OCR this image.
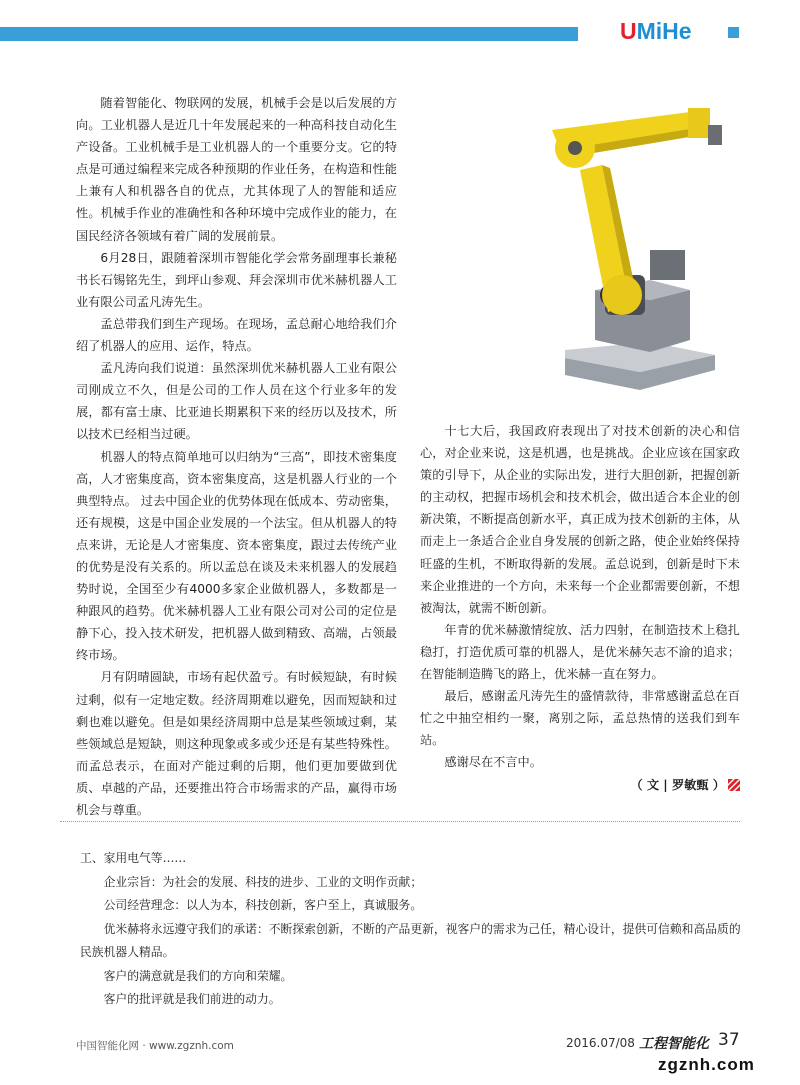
UMiHe

随着智能化、物联网的发展，机械手会是以后发展的方向。工业机器人是近几十年发展起来的一种高科技自动化生产设备。工业机械手是工业机器人的一个重要分支。它的特点是可通过编程来完成各种预期的作业任务，在构造和性能上兼有人和机器各自的优点，尤其体现了人的智能和适应性。机械手作业的准确性和各种环境中完成作业的能力，在国民经济各领域有着广阔的发展前景。

6月28日，跟随着深圳市智能化学会常务副理事长兼秘书长石锡铭先生，到坪山参观、拜会深圳市优米赫机器人工业有限公司孟凡涛先生。

孟总带我们到生产现场。在现场，孟总耐心地给我们介绍了机器人的应用、运作，特点。

孟凡涛向我们说道：虽然深圳优米赫机器人工业有限公司刚成立不久，但是公司的工作人员在这个行业多年的发展，都有富士康、比亚迪长期累积下来的经历以及技术，所以技术已经相当过硬。

机器人的特点简单地可以归纳为“三高”，即技术密集度高，人才密集度高，资本密集度高，这是机器人行业的一个典型特点。 过去中国企业的优势体现在低成本、劳动密集，还有规模，这是中国企业发展的一个法宝。但从机器人的特点来讲，无论是人才密集度、资本密集度，跟过去传统产业的优势是没有关系的。所以孟总在谈及未来机器人的发展趋势时说，全国至少有4000多家企业做机器人，多数都是一种跟风的趋势。优米赫机器人工业有限公司对公司的定位是静下心，投入技术研发，把机器人做到精致、高端，占领最终市场。

月有阴晴圆缺，市场有起伏盈亏。有时候短缺，有时候过剩，似有一定地定数。经济周期难以避免，因而短缺和过剩也难以避免。但是如果经济周期中总是某些领域过剩，某些领域总是短缺，则这种现象或多或少还是有某些特殊性。而孟总表示，在面对产能过剩的后期，他们更加要做到优质、卓越的产品，还要推出符合市场需求的产品，赢得市场机会与尊重。

十七大后，我国政府表现出了对技术创新的决心和信心，对企业来说，这是机遇，也是挑战。企业应该在国家政策的引导下，从企业的实际出发，进行大胆创新，把握创新的主动权，把握市场机会和技术机会，做出适合本企业的创新决策，不断提高创新水平，真正成为技术创新的主体，从而走上一条适合企业自身发展的创新之路，使企业始终保持旺盛的生机，不断取得新的发展。孟总说到，创新是时下未来企业推进的一个方向，未来每一个企业都需要创新，不想被淘汰，就需不断创新。

年青的优米赫激情绽放、活力四射，在制造技术上稳扎稳打，打造优质可靠的机器人，是优米赫矢志不渝的追求；在智能制造腾飞的路上，优米赫一直在努力。

最后，感谢孟凡涛先生的盛情款待，非常感谢孟总在百忙之中抽空相约一聚，离别之际，孟总热情的送我们到车站。

感谢尽在不言中。

（ 文 | 罗敏甄 ）

工、家用电气等……

企业宗旨：为社会的发展、科技的进步、工业的文明作贡献；

公司经营理念：以人为本，科技创新，客户至上，真诚服务。

优米赫将永远遵守我们的承诺：不断探索创新，不断的产品更新，视客户的需求为己任，精心设计，提供可信赖和高品质的民族机器人精品。

客户的满意就是我们的方向和荣耀。

客户的批评就是我们前进的动力。

中国智能化网 · www.zgznh.com	2016.07/08 工程智能化 37
zgznh.com
